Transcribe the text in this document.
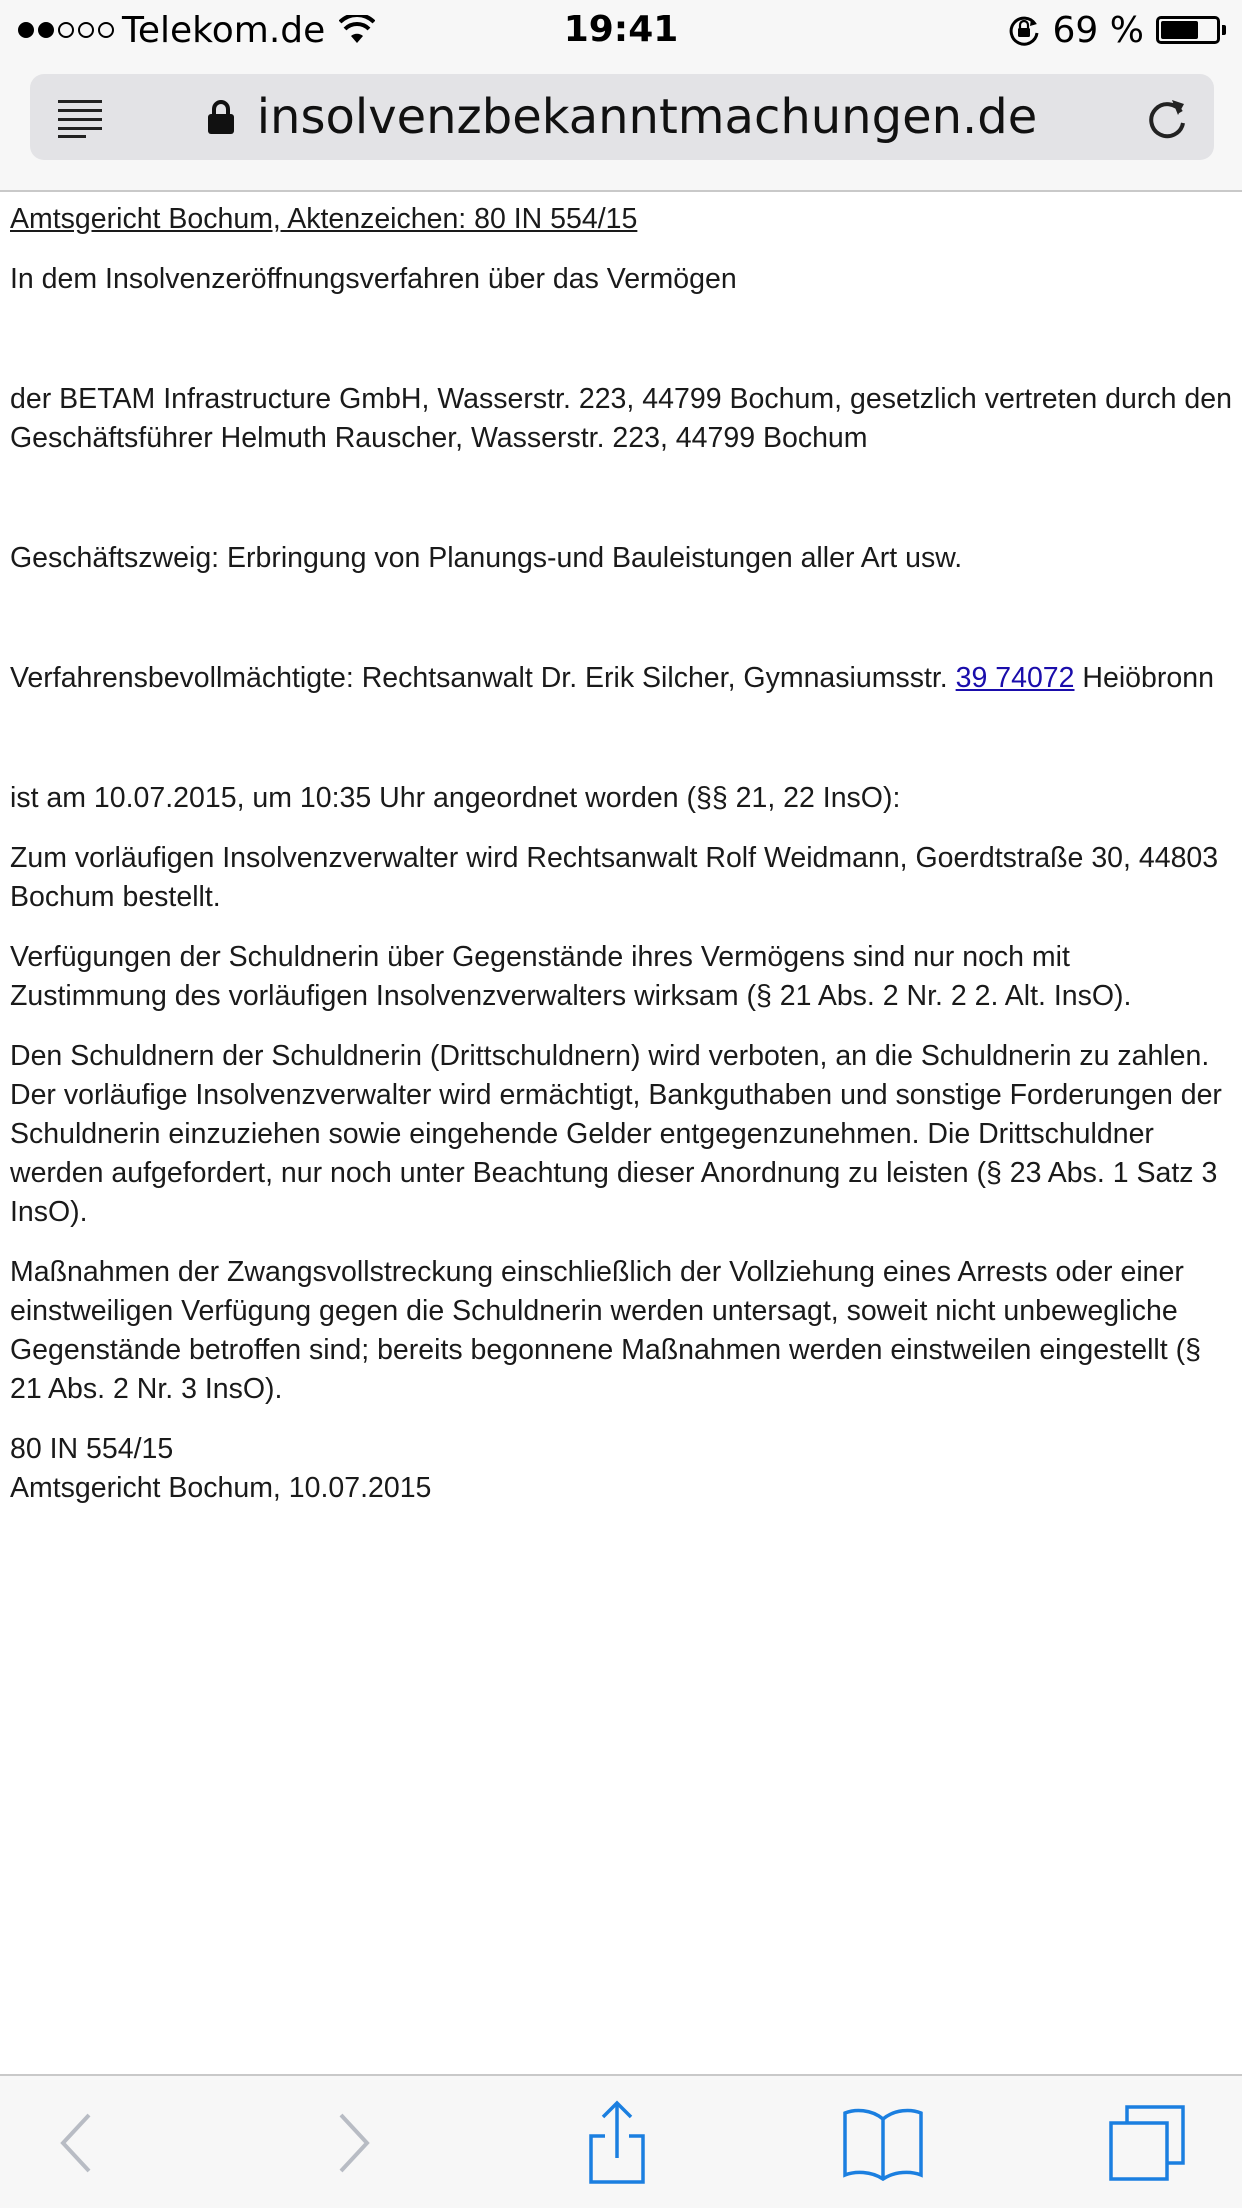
Telekom.de	19:41	69 %
insolvenzbekanntmachungen.de
Amtsgericht Bochum, Aktenzeichen: 80 IN 554/15

In dem Insolvenzeröffnungsverfahren über das Vermögen

der BETAM Infrastructure GmbH, Wasserstr. 223, 44799 Bochum, gesetzlich vertreten durch den Geschäftsführer Helmuth Rauscher, Wasserstr. 223, 44799 Bochum

Geschäftszweig: Erbringung von Planungs-und Bauleistungen aller Art usw.

Verfahrensbevollmächtigte: Rechtsanwalt Dr. Erik Silcher, Gymnasiumsstr. 39 74072 Heiöbronn

ist am 10.07.2015, um 10:35 Uhr angeordnet worden (§§ 21, 22 InsO):

Zum vorläufigen Insolvenzverwalter wird Rechtsanwalt Rolf Weidmann, Goerdtstraße 30, 44803 Bochum bestellt.

Verfügungen der Schuldnerin über Gegenstände ihres Vermögens sind nur noch mit Zustimmung des vorläufigen Insolvenzverwalters wirksam (§ 21 Abs. 2 Nr. 2 2. Alt. InsO).

Den Schuldnern der Schuldnerin (Drittschuldnern) wird verboten, an die Schuldnerin zu zahlen. Der vorläufige Insolvenzverwalter wird ermächtigt, Bankguthaben und sonstige Forderungen der Schuldnerin einzuziehen sowie eingehende Gelder entgegenzunehmen. Die Drittschuldner werden aufgefordert, nur noch unter Beachtung dieser Anordnung zu leisten (§ 23 Abs. 1 Satz 3 InsO).

Maßnahmen der Zwangsvollstreckung einschließlich der Vollziehung eines Arrests oder einer einstweiligen Verfügung gegen die Schuldnerin werden untersagt, soweit nicht unbewegliche Gegenstände betroffen sind; bereits begonnene Maßnahmen werden einstweilen eingestellt (§ 21 Abs. 2 Nr. 3 InsO).

80 IN 554/15

Amtsgericht Bochum, 10.07.2015
